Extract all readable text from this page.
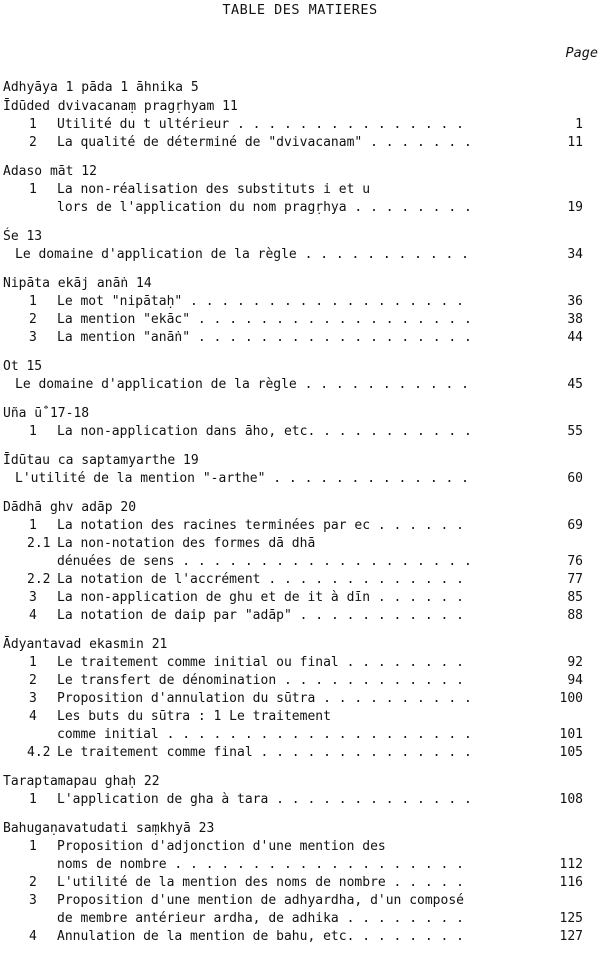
TABLE DES MATIERES
Page
Adhyāya 1 pāda 1 āhnika 5
Īdūded dvivacanaṃ pragṛhyam 11
1 Utilité du t ultérieur . . .	1
2 La qualité de déterminé de "dvivacanam" . . .	11
Adaso māt 12
1 La non-réalisation des substituts i et u
lors de l'application du nom pragṛhya . . .	19
Śe 13
Le domaine d'application de la règle . . .	34
Nipāta ekāj anāṅ 14
1 Le mot "nipātaḥ" . . .	36
2 La mention "ekāc" . . .	38
3 La mention "anāṅ" . . .	44
Ot 15
Le domaine d'application de la règle . . .	45
Uña ū̐ 17-18
1 La non-application dans āho, etc. . . .	55
Īdūtau ca saptamyarthe 19
L'utilité de la mention "-arthe" . . .	60
Dādhā ghv adāp 20
1 La notation des racines terminées par ec . . .	69
2.1 La non-notation des formes dā dhā
dénuées de sens . . .	76
2.2 La notation de l'accrément . . .	77
3 La non-application de ghu et de it à dīn . . .	85
4 La notation de daip par "adāp" . . .	88
Ādyantavad ekasmin 21
1 Le traitement comme initial ou final . . .	92
2 Le transfert de dénomination . . .	94
3 Proposition d'annulation du sūtra . . .	100
4 Les buts du sūtra : 1 Le traitement
comme initial . . .	101
4.2 Le traitement comme final . . .	105
Taraptamapau ghaḥ 22
1 L'application de gha à tara . . .	108
Bahugaṇavatudati saṃkhyā 23
1 Proposition d'adjonction d'une mention des
noms de nombre . . .	112
2 L'utilité de la mention des noms de nombre . . .	116
3 Proposition d'une mention de adhyardha, d'un composé
de membre antérieur ardha, de adhika . . .	125
4 Annulation de la mention de bahu, etc. . . .	127
